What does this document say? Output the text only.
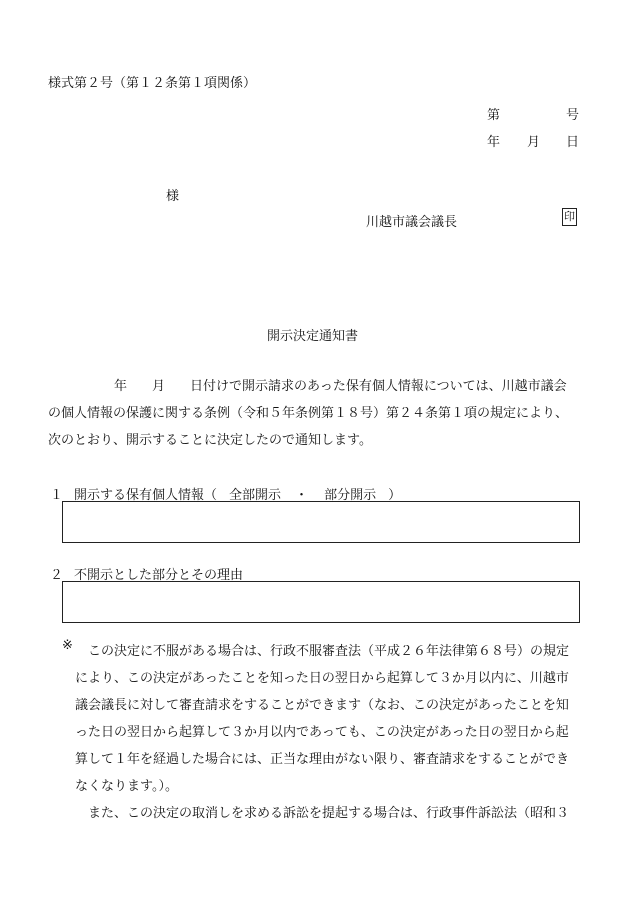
様式第２号（第１２条第１項関係）
第	号
年 月 日
様
川越市議会議長	印
開示決定通知書
年 月 日付けで開示請求のあった保有個人情報については、川越市議会
の個人情報の保護に関する条例（令和５年条例第１８号）第２４条第１項の規定により、
次のとおり、開示することに決定したので通知します。
１ 開示する保有個人情報（ 全部開示 ・ 部分開示 ）
２ 不開示とした部分とその理由
※	この決定に不服がある場合は、行政不服審査法（平成２６年法律第６８号）の規定
により、この決定があったことを知った日の翌日から起算して３か月以内に、川越市
議会議長に対して審査請求をすることができます（なお、この決定があったことを知
った日の翌日から起算して３か月以内であっても、この決定があった日の翌日から起
算して１年を経過した場合には、正当な理由がない限り、審査請求をすることができ
なくなります。）。
また、この決定の取消しを求める訴訟を提起する場合は、行政事件訴訟法（昭和３
